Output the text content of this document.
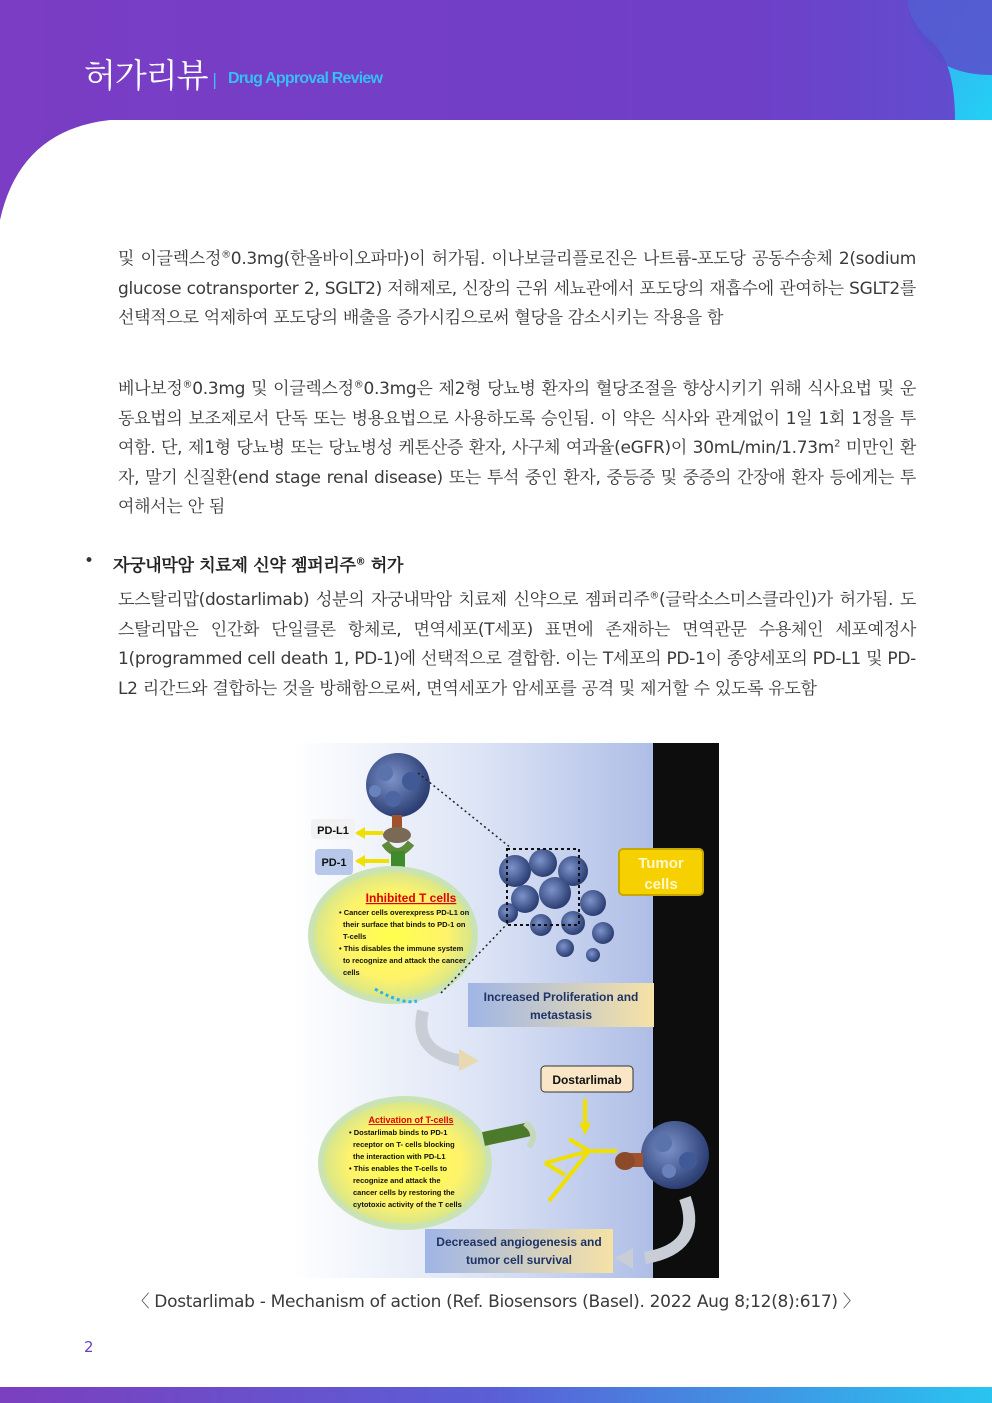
허가리뷰 | Drug Approval Review
및 이글렉스정®0.3mg(한올바이오파마)이 허가됨. 이나보글리플로진은 나트륨-포도당 공동수송체 2(sodium glucose cotransporter 2, SGLT2) 저해제로, 신장의 근위 세뇨관에서 포도당의 재흡수에 관여하는 SGLT2를 선택적으로 억제하여 포도당의 배출을 증가시킴으로써 혈당을 감소시키는 작용을 함
베나보정®0.3mg 및 이글렉스정®0.3mg은 제2형 당뇨병 환자의 혈당조절을 향상시키기 위해 식사요법 및 운동요법의 보조제로서 단독 또는 병용요법으로 사용하도록 승인됨. 이 약은 식사와 관계없이 1일 1회 1정을 투여함. 단, 제1형 당뇨병 또는 당뇨병성 케톤산증 환자, 사구체 여과율(eGFR)이 $30mL/\min/1.73m^2$ 미만인 환자, 말기 신질환(end stage renal disease) 또는 투석 중인 환자, 중등증 및 중증의 간장애 환자 등에게는 투여해서는 안 됨
• 자궁내막암 치료제 신약 젬퍼리주® 허가
도스탈리맙(dostarlimab) 성분의 자궁내막암 치료제 신약으로 젬퍼리주®(글락소스미스클라인)가 허가됨. 도스탈리맙은 인간화 단일클론 항체로, 면역세포(T세포) 표면에 존재하는 면역관문 수용체인 세포예정사 1(programmed cell death 1, PD-1)에 선택적으로 결합함. 이는 T세포의 PD-1이 종양세포의 PD-L1 및 PD-L2 리간드와 결합하는 것을 방해함으로써, 면역세포가 암세포를 공격 및 제거할 수 있도록 유도함
PD-L1
PD-1	Tumor
cells
Inhibited T cells
• Cancer cells overexpress PD-L1 on their surface that binds to PD-1 on T-cells • This disables the immune system to recognize and attack the cancer cells
Increased Proliferation and
metastasis
Dostarlimab
Activation of T-cells
• Dostarlimab binds to PD-1 receptor on T- cells blocking the interaction with PD-L1 • This enables the T-cells to recognize and attack the cancer cells by restoring the cytotoxic activity of the T cells
Decreased angiogenesis and
tumor cell survival
〈 Dostarlimab - Mechanism of action (Ref. Biosensors (Basel). 2022 Aug 8;12(8):617) 〉
2
